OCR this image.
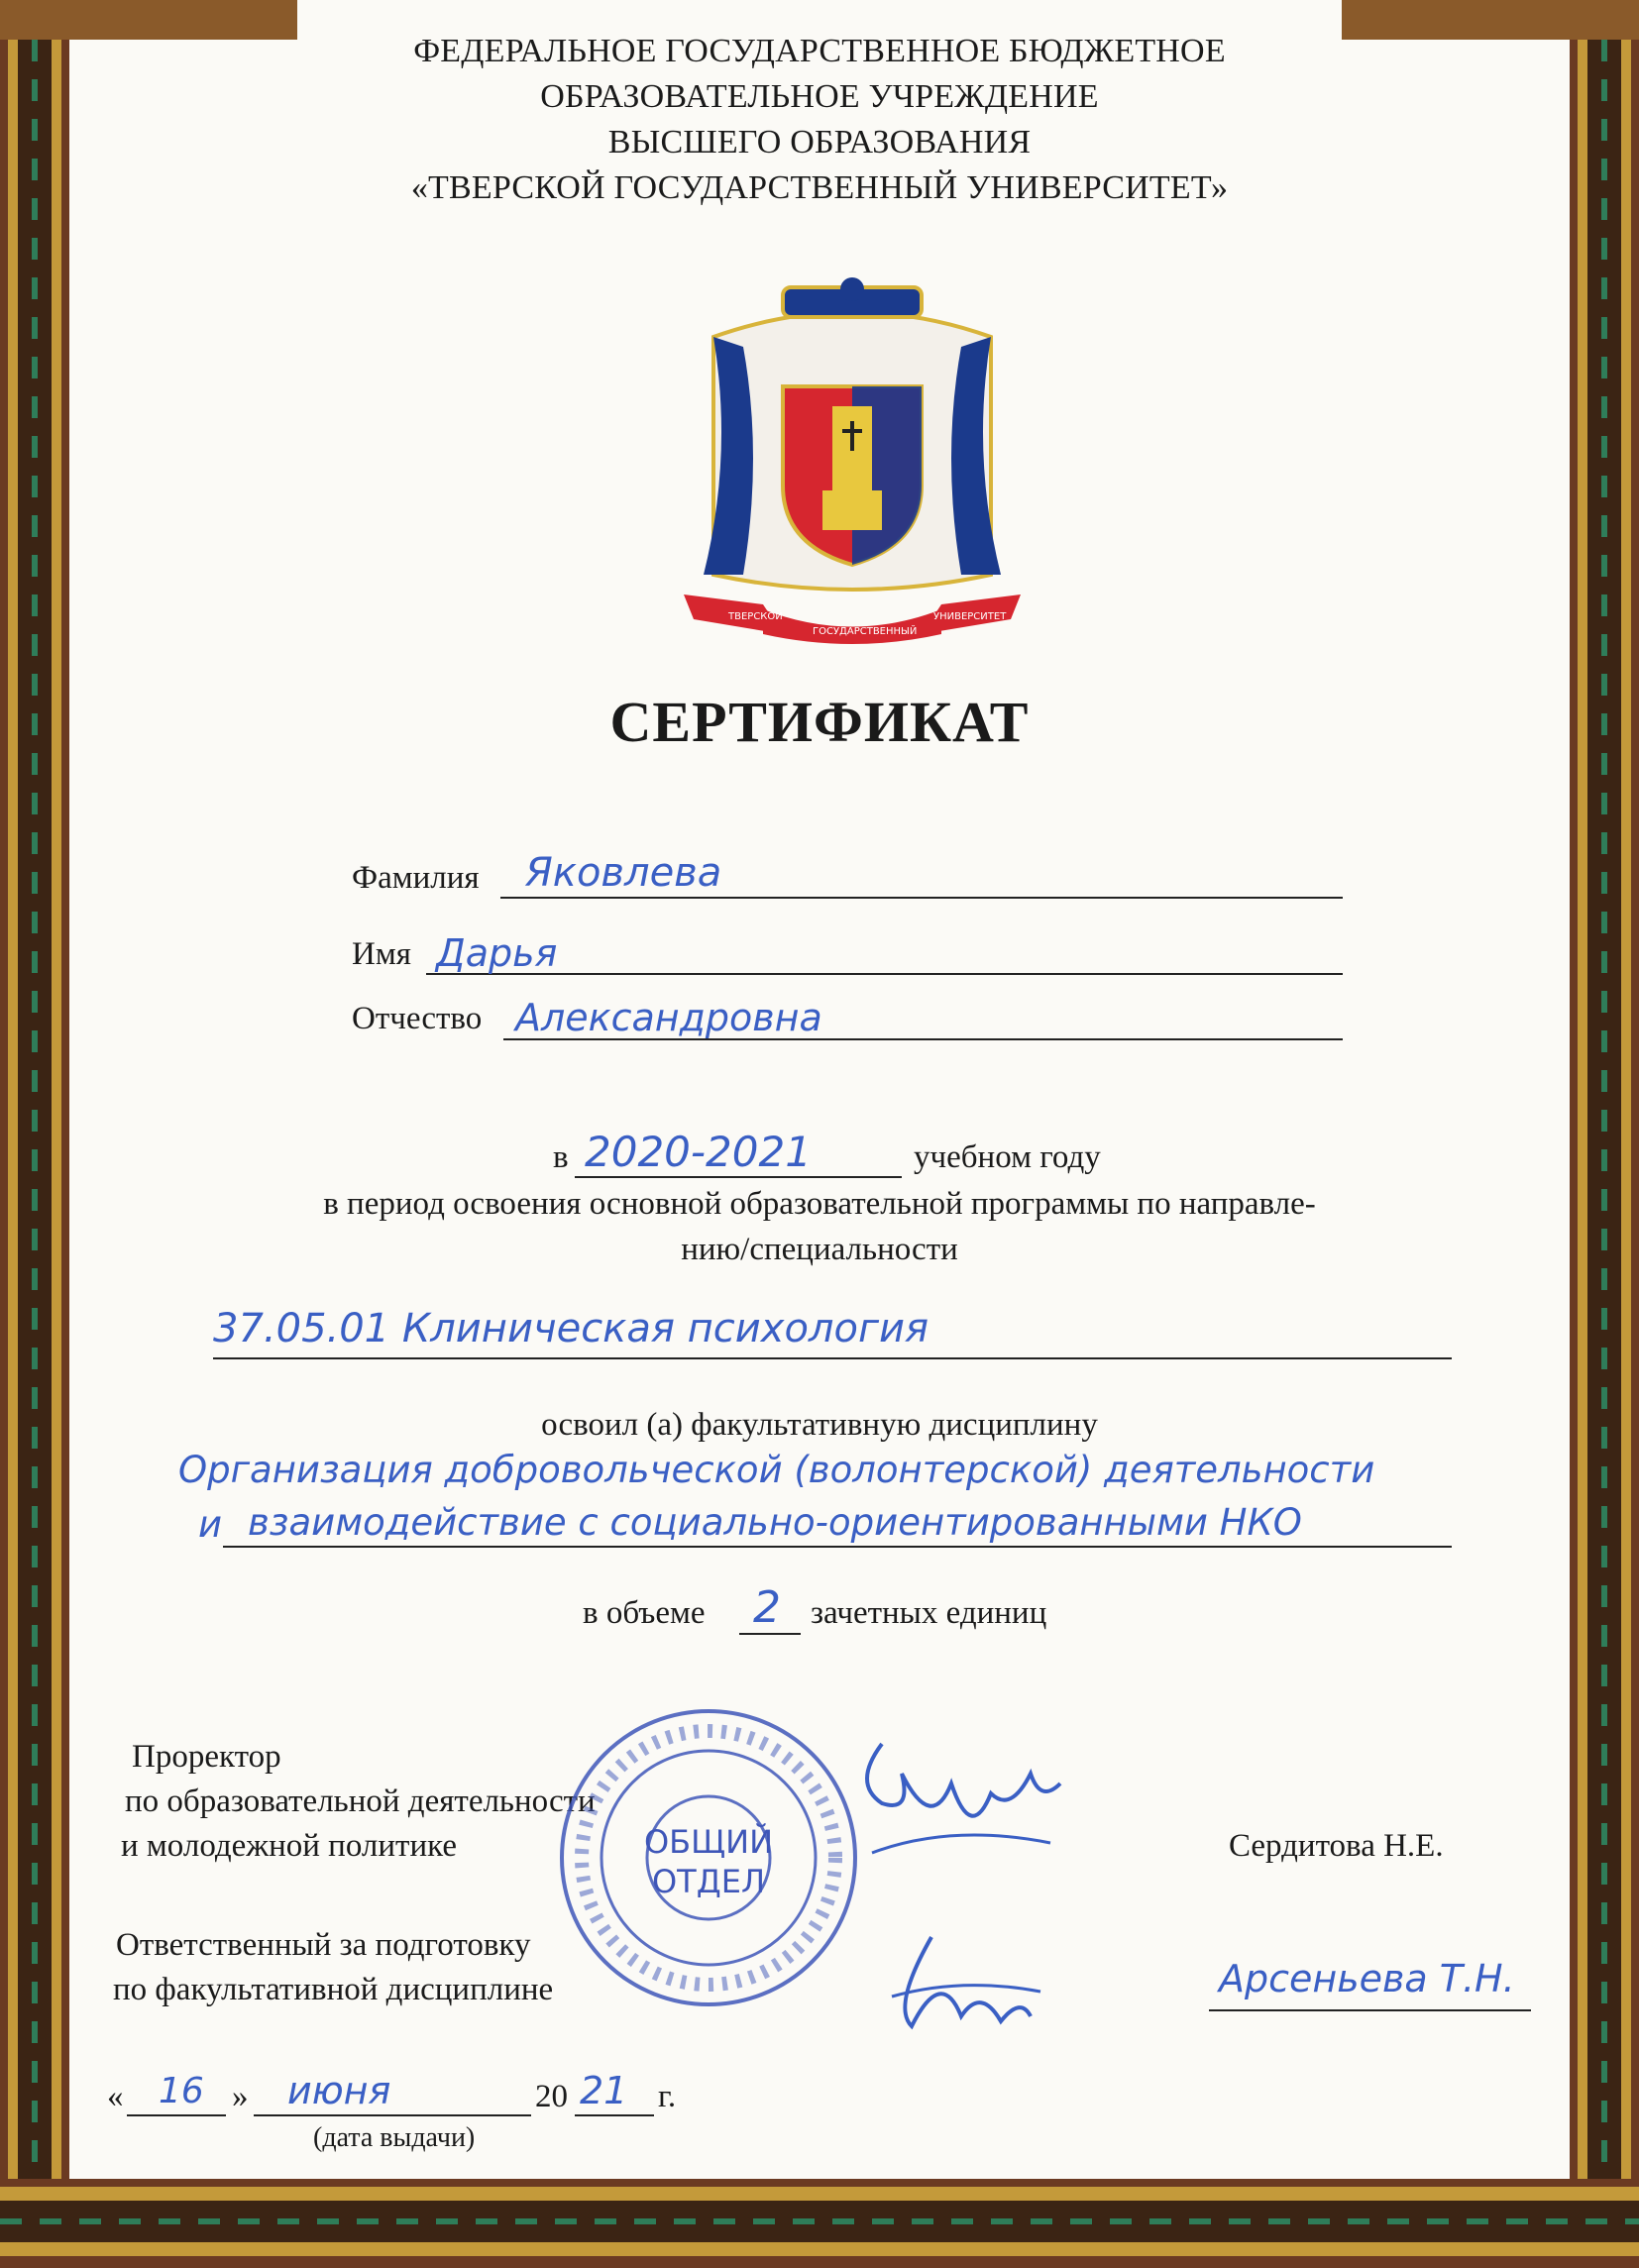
ФЕДЕРАЛЬНОЕ ГОСУДАРСТВЕННОЕ БЮДЖЕТНОЕ
ОБРАЗОВАТЕЛЬНОЕ УЧРЕЖДЕНИЕ
ВЫСШЕГО ОБРАЗОВАНИЯ
«ТВЕРСКОЙ ГОСУДАРСТВЕННЫЙ УНИВЕРСИТЕТ»
ТВЕРСКОЙ
ГОСУДАРСТВЕННЫЙ
УНИВЕРСИТЕТ
СЕРТИФИКАТ
Фамилия Яковлева
Имя Дарья
Отчество Александровна
в 2020-2021	учебном году
в период освоения основной образовательной программы по направле-
нию/специальности
37.05.01 Клиническая психология
освоил (а) факультативную дисциплину
Организация добровольческой (волонтерской) деятельности
и взаимодействие с социально-ориентированными НКО
в объеме 2 зачетных единиц
Проректор
по образовательной деятельности
и молодежной политике	Сердитова Н.Е.
ОБЩИЙ
ОТДЕЛ
Ответственный за подготовку
по факультативной дисциплине	Арсеньева Т.Н.
« 16 » июня	20 21 г.
(дата выдачи)
